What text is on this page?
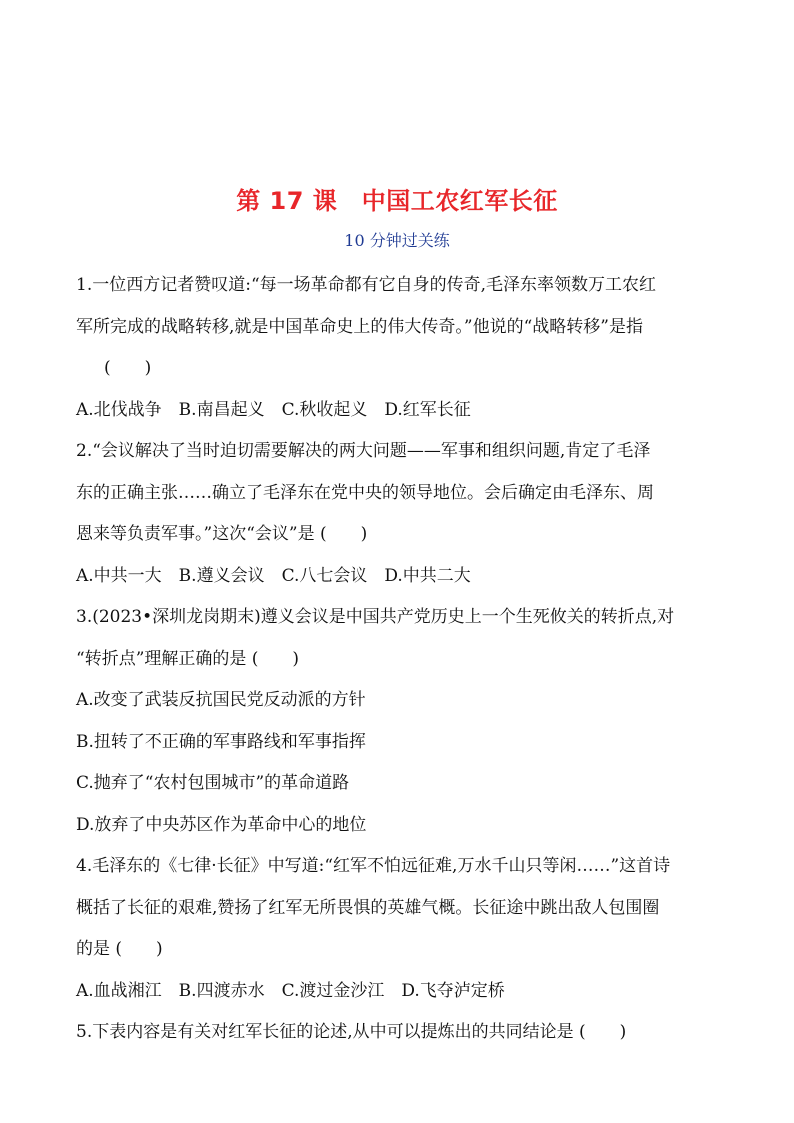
第 17 课　中国工农红军长征
10 分钟过关练
1.一位西方记者赞叹道:“每一场革命都有它自身的传奇,毛泽东率领数万工农红
军所完成的战略转移,就是中国革命史上的伟大传奇。”他说的“战略转移”是指
(　　)
A.北伐战争　B.南昌起义　C.秋收起义　D.红军长征
2.“会议解决了当时迫切需要解决的两大问题——军事和组织问题,肯定了毛泽
东的正确主张……确立了毛泽东在党中央的领导地位。会后确定由毛泽东、周
恩来等负责军事。”这次“会议”是 (　　)
A.中共一大　B.遵义会议　C.八七会议　D.中共二大
3.(2023•深圳龙岗期末)遵义会议是中国共产党历史上一个生死攸关的转折点,对
“转折点”理解正确的是 (　　)
A.改变了武装反抗国民党反动派的方针
B.扭转了不正确的军事路线和军事指挥
C.抛弃了“农村包围城市”的革命道路
D.放弃了中央苏区作为革命中心的地位
4.毛泽东的《七律·长征》中写道:“红军不怕远征难,万水千山只等闲……”这首诗
概括了长征的艰难,赞扬了红军无所畏惧的英雄气概。长征途中跳出敌人包围圈
的是 (　　)
A.血战湘江　B.四渡赤水　C.渡过金沙江　D.飞夺泸定桥
5.下表内容是有关对红军长征的论述,从中可以提炼出的共同结论是 (　　)
